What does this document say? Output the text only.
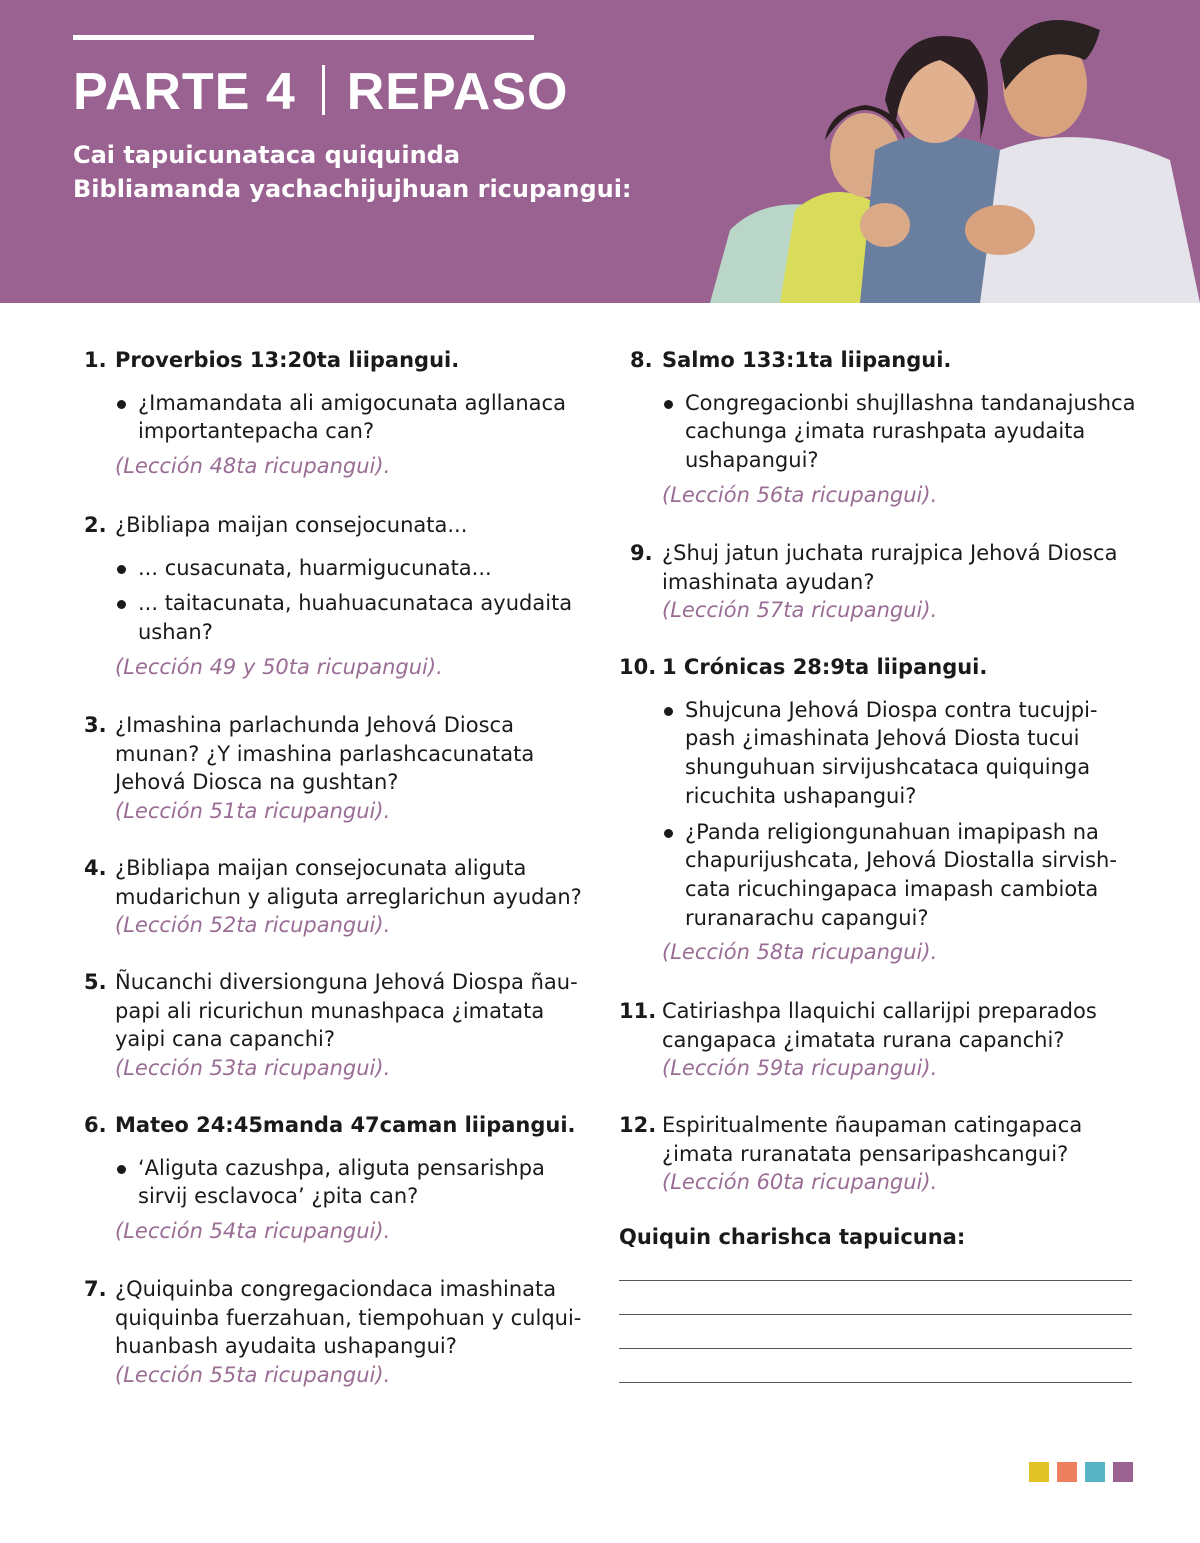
PARTE 4 REPASO
Cai tapuicunataca quiquinda Bibliamanda yachachijujhuan ricupangui:
1. Proverbios 13:20ta liipangui.
¿Imamandata ali amigocunata agllanaca importantepacha can?
(Lección 48ta ricupangui).
2. ¿Bibliapa maijan consejocunata...
... cusacunata, huarmigucunata...
... taitacunata, huahuacunataca ayudaita ushan?
(Lección 49 y 50ta ricupangui).
3. ¿Imashina parlachunda Jehová Diosca munan? ¿Y imashina parlashcacunatata Jehová Diosca na gushtan?
(Lección 51ta ricupangui).
4. ¿Bibliapa maijan consejocunata aliguta mudarichun y aliguta arreglarichun ayudan?
(Lección 52ta ricupangui).
5. Ñucanchi diversionguna Jehová Diospa ñaupapi ali ricurichun munashpaca ¿imatata yaipi cana capanchi?
(Lección 53ta ricupangui).
6. Mateo 24:45manda 47caman liipangui.
‘Aliguta cazushpa, aliguta pensarishpa sirvij esclavoca’ ¿pita can?
(Lección 54ta ricupangui).
7. ¿Quiquinba congregaciondaca imashinata quiquinba fuerzahuan, tiempohuan y culquihuanbash ayudaita ushapangui?
(Lección 55ta ricupangui).
8. Salmo 133:1ta liipangui.
Congregacionbi shujllashna tandanajushca cachunga ¿imata rurashpata ayudaita ushapangui?
(Lección 56ta ricupangui).
9. ¿Shuj jatun juchata rurajpica Jehová Diosca imashinata ayudan?
(Lección 57ta ricupangui).
10. 1 Crónicas 28:9ta liipangui.
Shujcuna Jehová Diospa contra tucujpipash ¿imashinata Jehová Diosta tucui shunguhuan sirvijushcataca quiquinga ricuchita ushapangui?
¿Panda religiongunahuan imapipash na chapurijushcata, Jehová Diostalla sirvishcata ricuchingapaca imapash cambiota ruranarachu capangui?
(Lección 58ta ricupangui).
11. Catiriashpa llaquichi callarijpi preparados cangapaca ¿imatata rurana capanchi?
(Lección 59ta ricupangui).
12. Espiritualmente ñaupaman catingapaca ¿imata ruranatata pensaripashcangui?
(Lección 60ta ricupangui).
Quiquin charishca tapuicuna:
